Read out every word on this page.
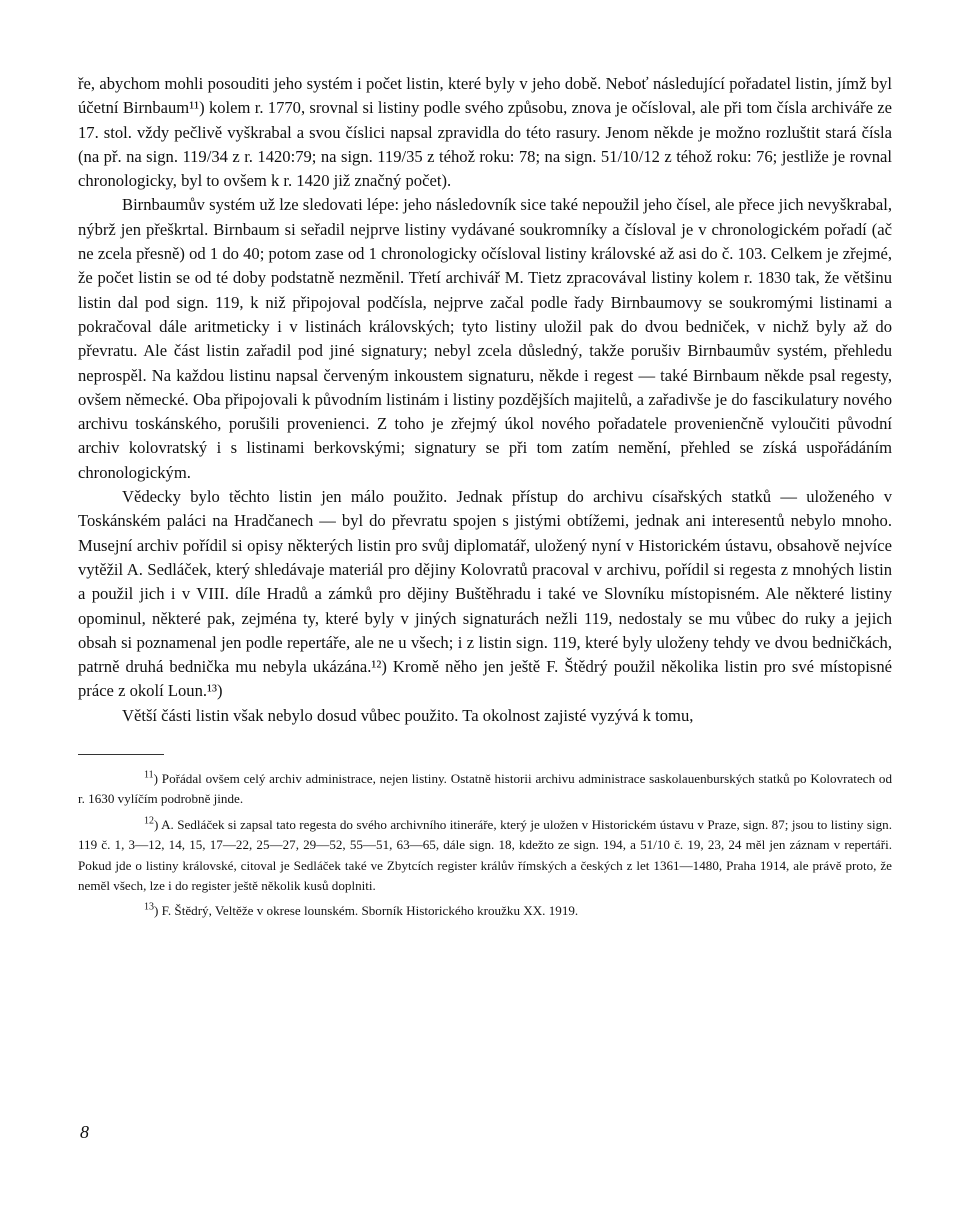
ře, abychom mohli posouditi jeho systém i počet listin, které byly v jeho době. Neboť následující pořadatel listin, jímž byl účetní Birnbaum¹¹) kolem r. 1770, srovnal si listiny podle svého způsobu, znova je očísloval, ale při tom čísla archiváře ze 17. stol. vždy pečlivě vyškrabal a svou číslici napsal zpravidla do této rasury. Jenom někde je možno rozluštit stará čísla (na př. na sign. 119/34 z r. 1420:79; na sign. 119/35 z téhož roku: 78; na sign. 51/10/12 z téhož roku: 76; jestliže je rovnal chronologicky, byl to ovšem k r. 1420 již značný počet).

Birnbaumův systém už lze sledovati lépe: jeho následovník sice také nepoužil jeho čísel, ale přece jich nevyškrabal, nýbrž jen přeškrtal. Birnbaum si seřadil nejprve listiny vydávané soukromníky a čísloval je v chronologickém pořadí (ač ne zcela přesně) od 1 do 40; potom zase od 1 chronologicky očísloval listiny královské až asi do č. 103. Celkem je zřejmé, že počet listin se od té doby podstatně nezměnil. Třetí archivář M. Tietz zpracovával listiny kolem r. 1830 tak, že většinu listin dal pod sign. 119, k niž připojoval podčísla, nejprve začal podle řady Birnbaumovy se soukromými listinami a pokračoval dále aritmeticky i v listinách královských; tyto listiny uložil pak do dvou bedniček, v nichž byly až do převratu. Ale část listin zařadil pod jiné signatury; nebyl zcela důsledný, takže porušiv Birnbaumův systém, přehledu neprospěl. Na každou listinu napsal červeným inkoustem signaturu, někde i regest — také Birnbaum někde psal regesty, ovšem německé. Oba připojovali k původním listinám i listiny pozdějších majitelů, a zařadivše je do fascikulatury nového archivu toskánského, porušili provenienci. Z toho je zřejmý úkol nového pořadatele provenienčně vyloučiti původní archiv kolovratský i s listinami berkovskými; signatury se při tom zatím nemění, přehled se získá uspořádáním chronologickým.

Vědecky bylo těchto listin jen málo použito. Jednak přístup do archivu císařských statků — uloženého v Toskánském paláci na Hradčanech — byl do převratu spojen s jistými obtížemi, jednak ani interesentů nebylo mnoho. Musejní archiv pořídil si opisy některých listin pro svůj diplomatář, uložený nyní v Historickém ústavu, obsahově nejvíce vytěžil A. Sedláček, který shledávaje materiál pro dějiny Kolovratů pracoval v archivu, pořídil si regesta z mnohých listin a použil jich i v VIII. díle Hradů a zámků pro dějiny Buštěhradu i také ve Slovníku místopisném. Ale některé listiny opominul, některé pak, zejména ty, které byly v jiných signaturách nežli 119, nedostaly se mu vůbec do ruky a jejich obsah si poznamenal jen podle repertáře, ale ne u všech; i z listin sign. 119, které byly uloženy tehdy ve dvou bedničkách, patrně druhá bednička mu nebyla ukázána.¹²) Kromě něho jen ještě F. Štědrý použil několika listin pro své místopisné práce z okolí Loun.¹³)

Větší části listin však nebylo dosud vůbec použito. Ta okolnost zajisté vyzývá k tomu,

$^{11}$) Pořádal ovšem celý archiv administrace, nejen listiny. Ostatně historii archivu administrace saskolauenburských statků po Kolovratech od r. 1630 vylíčím podrobně jinde.

$^{12}$) A. Sedláček si zapsal tato regesta do svého archivního itineráře, který je uložen v Historickém ústavu v Praze, sign. 87; jsou to listiny sign. 119 č. 1, 3—12, 14, 15, 17—22, 25—27, 29—52, 55—51, 63—65, dále sign. 18, kdežto ze sign. 194, a 51/10 č. 19, 23, 24 měl jen záznam v repertáři. Pokud jde o listiny královské, citoval je Sedláček také ve Zbytcích register králův římských a českých z let 1361—1480, Praha 1914, ale právě proto, že neměl všech, lze i do register ještě několik kusů doplniti.

$^{13}$) F. Štědrý, Veltěže v okrese lounském. Sborník Historického kroužku XX. 1919.

8
